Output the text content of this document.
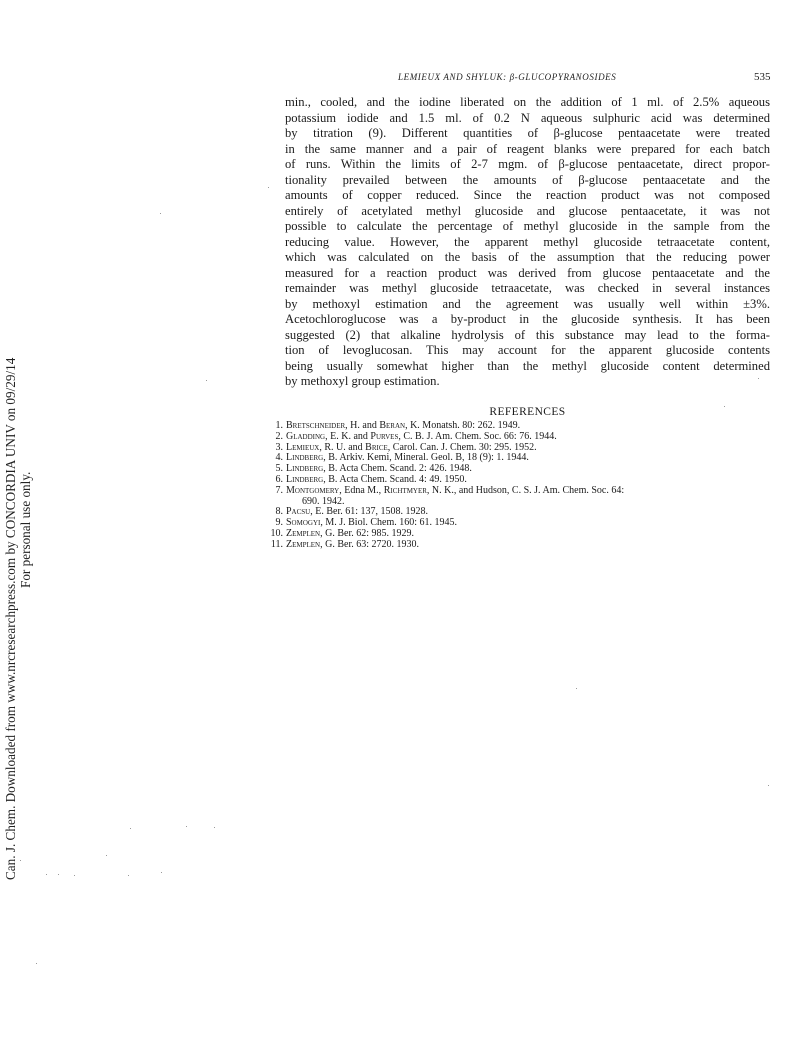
LEMIEUX AND SHYLUK: β-GLUCOPYRANOSIDES	535
min., cooled, and the iodine liberated on the addition of 1 ml. of 2.5% aqueous
potassium iodide and 1.5 ml. of 0.2 N aqueous sulphuric acid was determined
by titration (9). Different quantities of β-glucose pentaacetate were treated
in the same manner and a pair of reagent blanks were prepared for each batch
of runs. Within the limits of 2-7 mgm. of β-glucose pentaacetate, direct propor-
tionality prevailed between the amounts of β-glucose pentaacetate and the
amounts of copper reduced. Since the reaction product was not composed
entirely of acetylated methyl glucoside and glucose pentaacetate, it was not
possible to calculate the percentage of methyl glucoside in the sample from the
reducing value. However, the apparent methyl glucoside tetraacetate content,
which was calculated on the basis of the assumption that the reducing power
measured for a reaction product was derived from glucose pentaacetate and the
remainder was methyl glucoside tetraacetate, was checked in several instances
by methoxyl estimation and the agreement was usually well within ±3%.
Acetochloroglucose was a by-product in the glucoside synthesis. It has been
suggested (2) that alkaline hydrolysis of this substance may lead to the forma-
tion of levoglucosan. This may account for the apparent glucoside contents
being usually somewhat higher than the methyl glucoside content determined
by methoxyl group estimation.
REFERENCES
1. Bretschneider, H. and Beran, K. Monatsh. 80: 262. 1949.
2. Gladding, E. K. and Purves, C. B. J. Am. Chem. Soc. 66: 76. 1944.
3. Lemieux, R. U. and Brice, Carol. Can. J. Chem. 30: 295. 1952.
4. Lindberg, B. Arkiv. Kemi, Mineral. Geol. B, 18 (9): 1. 1944.
5. Lindberg, B. Acta Chem. Scand. 2: 426. 1948.
6. Lindberg, B. Acta Chem. Scand. 4: 49. 1950.
7. Montgomery, Edna M., Richtmyer, N. K., and Hudson, C. S. J. Am. Chem. Soc. 64:
690. 1942.
8. Pacsu, E. Ber. 61: 137, 1508. 1928.
9. Somogyi, M. J. Biol. Chem. 160: 61. 1945.
10. Zemplen, G. Ber. 62: 985. 1929.
11. Zemplen, G. Ber. 63: 2720. 1930.
Can. J. Chem. Downloaded from www.nrcresearchpress.com by CONCORDIA UNIV on 09/29/14 For personal use only.
